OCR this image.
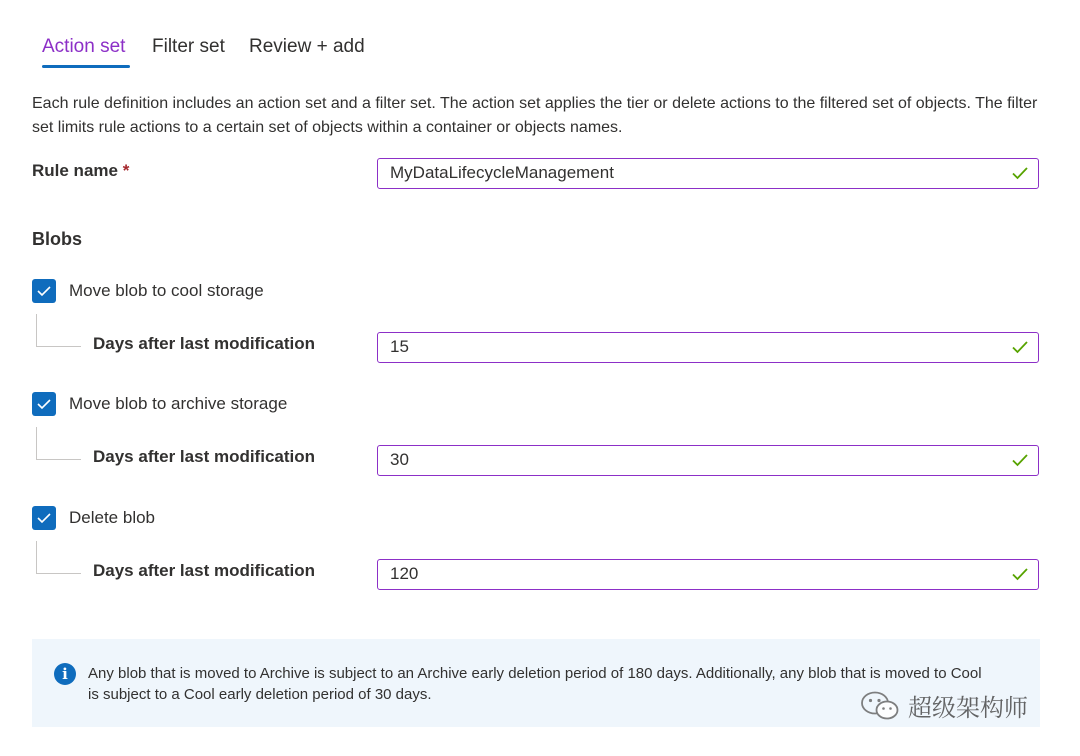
Action set Filter set Review + add
Each rule definition includes an action set and a filter set. The action set applies the tier or delete actions to the filtered set of objects. The filter set limits rule actions to a certain set of objects within a container or objects names.
Rule name *
MyDataLifecycleManagement
Blobs
Move blob to cool storage
Days after last modification
15
Move blob to archive storage
Days after last modification
30
Delete blob
Days after last modification
120
i	Any blob that is moved to Archive is subject to an Archive early deletion period of 180 days. Additionally, any blob that is moved to Cool is subject to a Cool early deletion period of 30 days.
超级架构师
